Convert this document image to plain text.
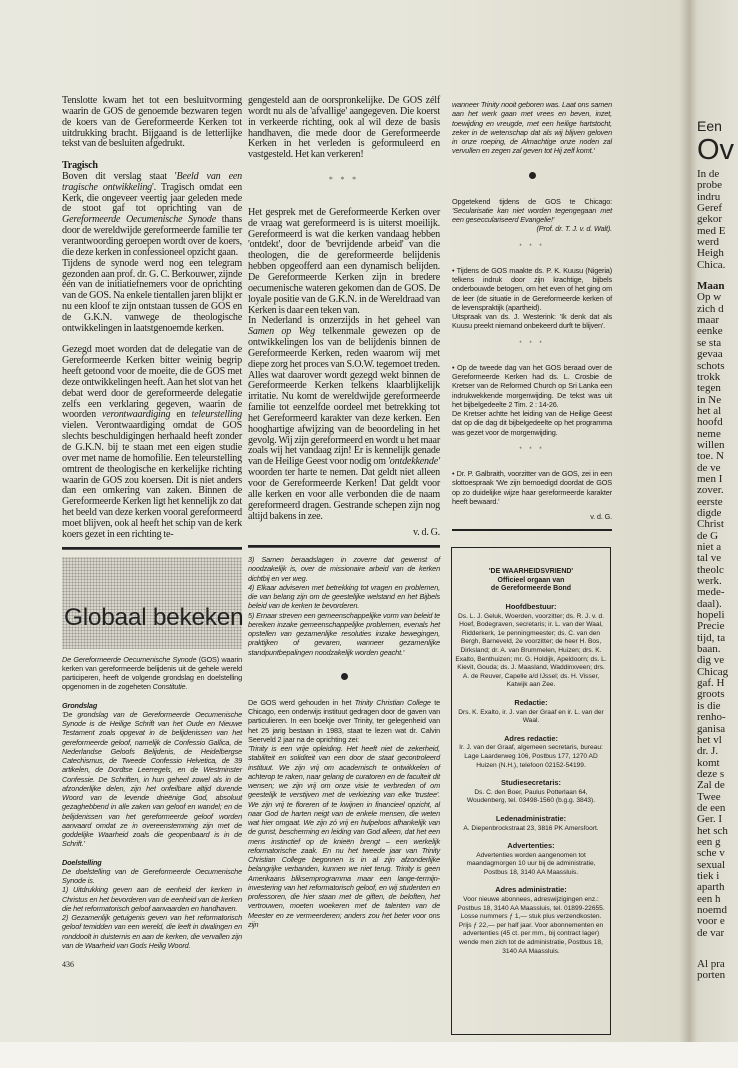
Tenslotte kwam het tot een besluitvorming waarin de GOS de genoemde bezwaren tegen de koers van de Gereformeerde Kerken tot uitdrukking bracht. Bijgaand is de letterlijke tekst van de besluiten afgedrukt.

Tragisch

Boven dit verslag staat 'Beeld van een tragische ontwikkeling'. Tragisch omdat een Kerk, die ongeveer veertig jaar geleden mede de stoot gaf tot oprichting van de Gereformeerde Oecumenische Synode thans door de wereldwijde gereformeerde familie ter verantwoording geroepen wordt over de koers, die deze kerken in confessioneel opzicht gaan.

Tijdens de synode werd nog een telegram gezonden aan prof. dr. G. C. Berkouwer, zijnde één van de initiatiefnemers voor de oprichting van de GOS. Na enkele tientallen jaren blijkt er nu een kloof te zijn ontstaan tussen de GOS en de G.K.N. vanwege de theologische ontwikkelingen in laatstgenoemde kerken.

Gezegd moet worden dat de delegatie van de Gereformeerde Kerken bitter weinig begrip heeft getoond voor de moeite, die de GOS met deze ontwikkelingen heeft. Aan het slot van het debat werd door de gereformeerde delegatie zelfs een verklaring gegeven, waarin de woorden verontwaardiging en teleurstelling vielen. Verontwaardiging omdat de GOS slechts beschuldigingen herhaald heeft zonder de G.K.N. bij te staan met een eigen studie over met name de homofilie. Een teleurstelling omtrent de theologische en kerkelijke richting waarin de GOS zou koersen. Dit is niet anders dan een omkering van zaken. Binnen de Gereformeerde Kerken ligt het kennelijk zo dat het beeld van deze kerken vooral gereformeerd moet blijven, ook al heeft het schip van de kerk koers gezet in een richting te-

Globaal bekeken

De Gereformeerde Oecumenische Synode (GOS) waarin kerken van gereformeerde belijdenis uit de gehele wereld participeren, heeft de volgende grondslag en doelstelling opgenomen in de zogeheten Constitutie.

Grondslag

'De grondslag van de Gereformeerde Oecumenische Synode is de Heilige Schrift van het Oude en Nieuwe Testament zoals opgevat in de belijdenissen van het gereformeerde geloof, namelijk de Confessio Gallica, de Nederlandse Geloofs Belijdenis, de Heidelbergse Catechismus, de Tweede Confessio Helvetica, de 39 artikelen, de Dordtse Leerregels, en de Westminster Confessie. De Schriften, in hun geheel zowel als in de afzonderlijke delen, zijn het onfeilbare altijd durende Woord van de levende drieënige God, absoluut gezaghebbend in alle zaken van geloof en wandel; en de belijdenissen van het gereformeerde geloof worden aanvaard omdat ze in overeenstemming zijn met de goddelijke Waarheid zoals die geopenbaard is in de Schrift.'

Doelstelling

De doelstelling van de Gereformeerde Oecumenische Synode is.

1) Uitdrukking geven aan de eenheid der kerken in Christus en het bevorderen van de eenheid van de kerken die het reformatorisch geloof aanvaarden en handhaven.

2) Gezamenlijk getuigenis geven van het reformatorisch geloof temidden van een wereld, die leeft in dwalingen en ronddoolt in duisternis en aan de kerken, die vervallen zijn van de Waarheid van Gods Heilig Woord.

436

gengesteld aan de oorspronkelijke. De GOS zélf wordt nu als de 'afvallige' aangegeven. Die koerst in verkeerde richting, ook al wil deze de basis handhaven, die mede door de Gereformeerde Kerken in het verleden is geformuleerd en vastgesteld. Het kan verkeren!

* * *

Het gesprek met de Gereformeerde Kerken over de vraag wat gereformeerd is is uiterst moeilijk. Gereformeerd is wat die kerken vandaag hebben 'ontdekt', door de 'bevrijdende arbeid' van die theologen, die de gereformeerde belijdenis hebben opgeofferd aan een dynamisch belijden. De Gereformeerde Kerken zijn in bredere oecumenische wateren gekomen dan de GOS. De loyale positie van de G.K.N. in de Wereldraad van Kerken is daar een teken van.

In Nederland is onzerzijds in het geheel van Samen op Weg telkenmale gewezen op de ontwikkelingen los van de belijdenis binnen de Gereformeerde Kerken, reden waarom wij met diepe zorg het proces van S.O.W. tegemoet treden. Alles wat daarover wordt gezegd wekt binnen de Gereformeerde Kerken telkens klaarblijkelijk irritatie. Nu komt de wereldwijde gereformeerde familie tot eenzelfde oordeel met betrekking tot het Gereformeerd karakter van deze kerken. Een hooghartige afwijzing van de beoordeling in het gevolg. Wij zijn gereformeerd en wordt u het maar zoals wij het vandaag zijn! Er is kennelijk genade van de Heilige Geest voor nodig om 'ontdekkende' woorden ter harte te nemen. Dat geldt niet alleen voor de Gereformeerde Kerken! Dat geldt voor alle kerken en voor alle verbonden die de naam gereformeerd dragen. Gestrande schepen zijn nog altijd bakens in zee.

v. d. G.

3) Samen beraadslagen in zoverre dat gewenst of noodzakelijk is, over de missionaire arbeid van de kerken dichtbij en ver weg.

4) Elkaar adviseren met betrekking tot vragen en problemen, die van belang zijn om de geestelijke welstand en het Bijbels beleid van de kerken te bevorderen.

5) Ernaar streven een gemeenschappelijke vorm van beleid te bereiken inzake gemeenschappelijke problemen, evenals het opstellen van gezamenlijke resoluties inzake bewegingen, praktijken of gevaren, wanneer gezamenlijke standpuntbepalingen noodzakelijk worden geacht.'

De GOS werd gehouden in het Trinity Christian College te Chicago, een onderwijs instituut gedragen door de gaven van particulieren. In een boekje over Trinity, ter gelegenheid van het 25 jarig bestaan in 1983, staat te lezen wat dr. Calvin Seerveld 2 jaar na de oprichting zei:

'Trinity is een vrije opleiding. Het heeft niet de zekerheid, stabiliteit en soliditeit van een door de staat gecontroleerd instituut. We zijn vrij om academisch te ontwikkelen of achterop te raken, naar gelang de curatoren en de faculteit dit wensen; we zijn vrij om onze visie te verbreden of om geestelijk te verstijven met de verkiezing van elke 'trustee'. We zijn vrij te floreren of te kwijnen in financieel opzicht, al naar God de harten neigt van de enkele mensen, die weten wat hier omgaat. We zijn zó vrij en hulpeloos afhankelijk van de gunst, bescherming en leiding van God alleen, dat het een mens instinctief op de knieën brengt – een werkelijk reformatorische zaak. En nu het tweede jaar van Trinity Christian College begonnen is in al zijn afzonderlijke belangrijke verbanden, kunnen we niet terug. Trinity is geen Amerikaans bliksemprogramma maar een lange-termijn-investering van het reformatorisch geloof, en wij studenten en professoren, die hier staan met de giften, de beloften, het vertrouwen, moeten woekeren met de talenten van de Meester en ze vermeerderen; anders zou het beter voor ons zijn

wanneer Trinity nooit geboren was. Laat ons samen aan het werk gaan met vrees en beven, inzet, toewijding en vreugde, met een heilige hartstocht, zeker in de wetenschap dat als wij blijven geloven in onze roeping, de Almachtige onze noden zal vervullen en zegen zal geven tot Hij zelf komt.'

Opgetekend tijdens de GOS te Chicago: 'Secularisatie kan niet worden tegengegaan met een gesecculariseerd Evangelie!'

(Prof. dr. T. J. v. d. Walt).
* * *

• Tijdens de GOS maakte ds. P. K. Kuusu (Nigeria) telkens indruk door zijn krachtige, bijbels onderbouwde betogen, om het even of het ging om de leer (de situatie in de Gereformeerde kerken of de levenspraktijk (apartheid).

Uitspraak van ds. J. Westerink: 'Ik denk dat als Kuusu preekt niemand onbekeerd durft te blijven'.

* * *

• Op de tweede dag van het GOS beraad over de Gereformeerde Kerken had ds. L. Crosbie de Kretser van de Reformed Church op Sri Lanka een indrukwekkende morgenwijding. De tekst was uit het bijbelgedeelte 2 Tim. 2 : 14-26.

De Kretser achtte het leiding van de Heilige Geest dat op die dag dit bijbelgedeelte op het programma was gezet voor de morgenwijding.

* * *

• Dr. P. Galbraith, voorzitter van de GOS, zei in een slottoespraak 'We zijn bemoedigd doordat de GOS op zo duidelijke wijze haar gereformeerde karakter heeft bewaard.'

v. d. G.
'DE WAARHEIDSVRIEND'
Officieel orgaan van
de Gereformeerde Bond
Hoofdbestuur:
Ds. L. J. Geluk, Woerden, voorzitter; ds. R. J. v. d. Hoef, Bodegraven, secretaris; ir. L. van der Waal, Ridderkerk, 1e penningmeester; ds. C. van den Bergh, Barneveld, 2e voorzitter; de heer H. Bos, Dirksland; dr. A. van Brummelen, Huizen; drs. K. Exalto, Benthuizen; mr. G. Holdijk, Apeldoorn; ds. L. Kievit, Gouda; ds. J. Maasland, Waddinxveen; drs. A. de Reuver, Capelle a/d IJssel; ds. H. Visser, Katwijk aan Zee.
Redactie:
Drs. K. Exalto, ir. J. van der Graaf en ir. L. van der Waal.
Adres redactie:
Ir. J. van der Graaf, algemeen secretaris, bureau: Lage Laarderweg 106, Postbus 177, 1270 AD Huizen (N.H.), telefoon 02152-54199.
Studiesecretaris:
Ds. C. den Boer, Paulus Potterlaan 64, Woudenberg, tel. 03498-1560 (b.g.g. 3843).
Ledenadministratie:
A. Diepenbrockstraat 23, 3816 PK Amersfoort.
Advertenties:
Advertenties worden aangenomen tot maandagmorgen 10 uur bij de administratie, Postbus 18, 3140 AA Maassluis.
Adres administratie:
Voor nieuwe abonnees, adreswijzigingen enz.: Postbus 18, 3140 AA Maassluis, tel. 01899-22655. Losse nummers ƒ 1,— stuk plus verzendkosten. Prijs ƒ 22,— per half jaar. Voor abonnementen en advertenties (45 ct. per mm., bij contract lager) wende men zich tot de administratie, Postbus 18, 3140 AA Maassluis.
Een
Ov
In de
probe
indru
Geref
gekor
med E
werd
Heigh
Chica.
Maan
Op w
zich d
maar
eenke
se sta
gevaa
schots
trokk
tegen
in Ne
het al
hoofd
neme
willen
toe. N
de ve
men I
zover.
eerste
digde
Christ
de G
niet a
tal ve
theolc
werk.
mede-
daal).
hopeli
Precie
tijd, ta
baan.
dig ve
Chicag
gaf. H
groots
is die
renho-
ganisa
het vl
dr. J.
komt
deze s
Zal de
Twee
de een
Ger. I
het sch
een g
sche v
sexual
tiek i
aparth
een h
noemd
voor e
de var
Al pra
porten
